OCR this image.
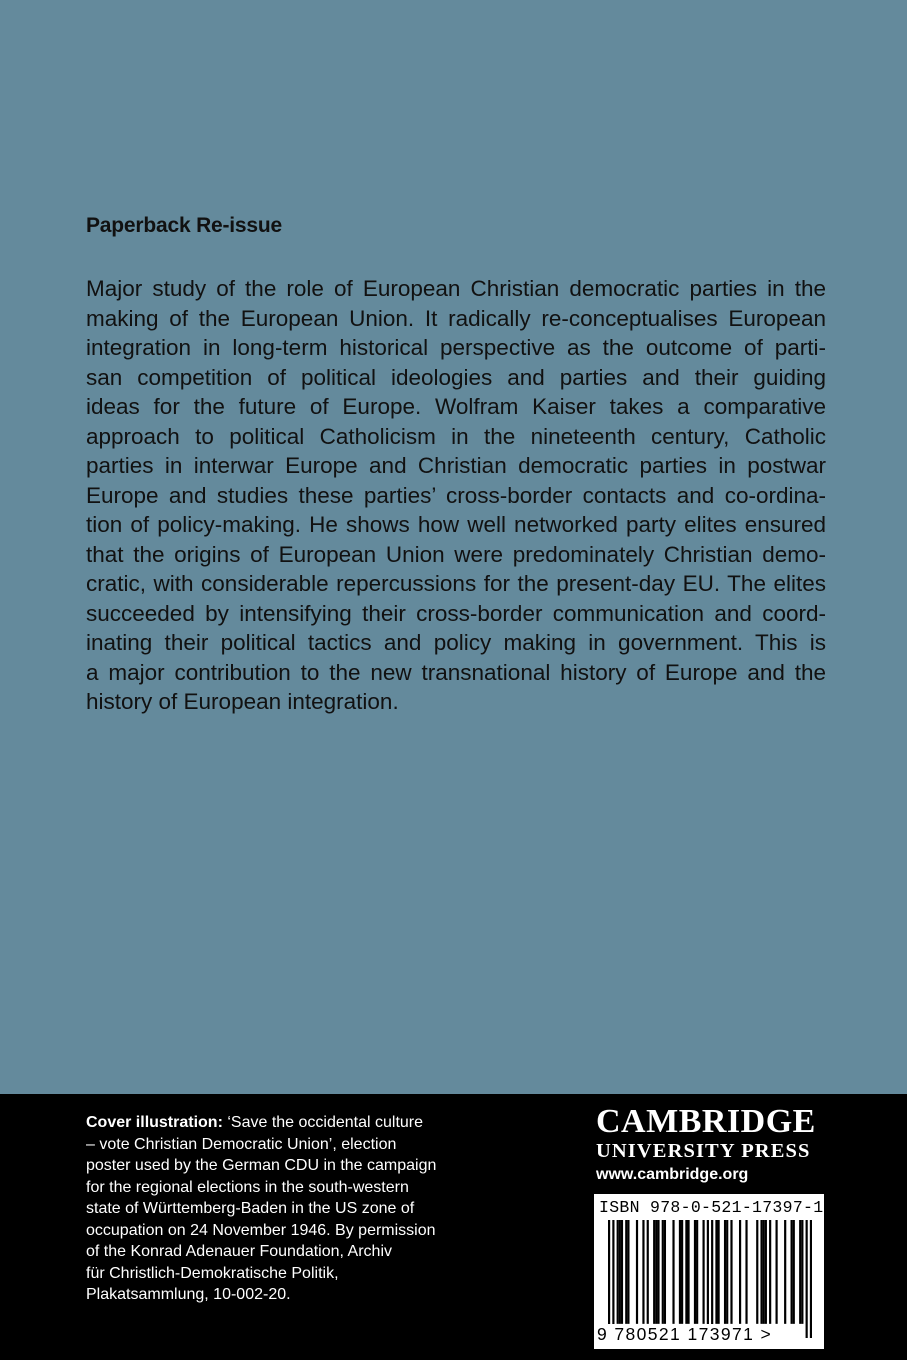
Paperback Re-issue
Major study of the role of European Christian democratic parties in the
making of the European Union. It radically re-conceptualises European
integration in long-term historical perspective as the outcome of parti-
san competition of political ideologies and parties and their guiding
ideas for the future of Europe. Wolfram Kaiser takes a comparative
approach to political Catholicism in the nineteenth century, Catholic
parties in interwar Europe and Christian democratic parties in postwar
Europe and studies these parties’ cross-border contacts and co-ordina-
tion of policy-making. He shows how well networked party elites ensured
that the origins of European Union were predominately Christian demo-
cratic, with considerable repercussions for the present-day EU. The elites
succeeded by intensifying their cross-border communication and coord-
inating their political tactics and policy making in government. This is
a major contribution to the new transnational history of Europe and the
history of European integration.
Cover illustration: ‘Save the occidental culture
– vote Christian Democratic Union’, election
poster used by the German CDU in the campaign
for the regional elections in the south-western
state of Württemberg-Baden in the US zone of
occupation on 24 November 1946. By permission
of the Konrad Adenauer Foundation, Archiv
für Christlich-Demokratische Politik,
Plakatsammlung, 10-002-20.
CAMBRIDGE
UNIVERSITY PRESS
www.cambridge.org
ISBN 978-0-521-17397-1
9 780521 173971 >
